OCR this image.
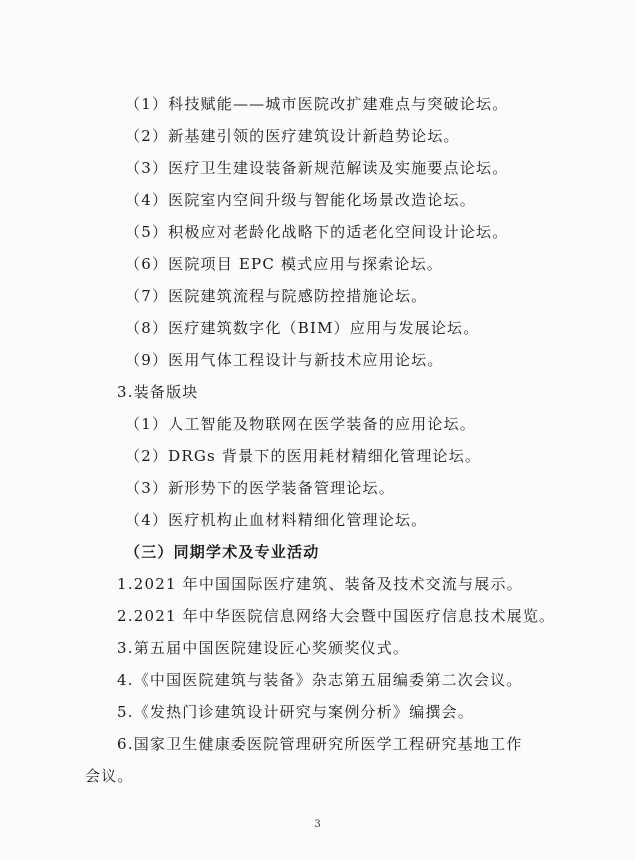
（1）科技赋能——城市医院改扩建难点与突破论坛。
（2）新基建引领的医疗建筑设计新趋势论坛。
（3）医疗卫生建设装备新规范解读及实施要点论坛。
（4）医院室内空间升级与智能化场景改造论坛。
（5）积极应对老龄化战略下的适老化空间设计论坛。
（6）医院项目 EPC 模式应用与探索论坛。
（7）医院建筑流程与院感防控措施论坛。
（8）医疗建筑数字化（BIM）应用与发展论坛。
（9）医用气体工程设计与新技术应用论坛。
3.装备版块
（1）人工智能及物联网在医学装备的应用论坛。
（2）DRGs 背景下的医用耗材精细化管理论坛。
（3）新形势下的医学装备管理论坛。
（4）医疗机构止血材料精细化管理论坛。
（三）同期学术及专业活动
1.2021 年中国国际医疗建筑、装备及技术交流与展示。
2.2021 年中华医院信息网络大会暨中国医疗信息技术展览。
3.第五届中国医院建设匠心奖颁奖仪式。
4.《中国医院建筑与装备》杂志第五届编委第二次会议。
5.《发热门诊建筑设计研究与案例分析》编撰会。
6.国家卫生健康委医院管理研究所医学工程研究基地工作
会议。
3
